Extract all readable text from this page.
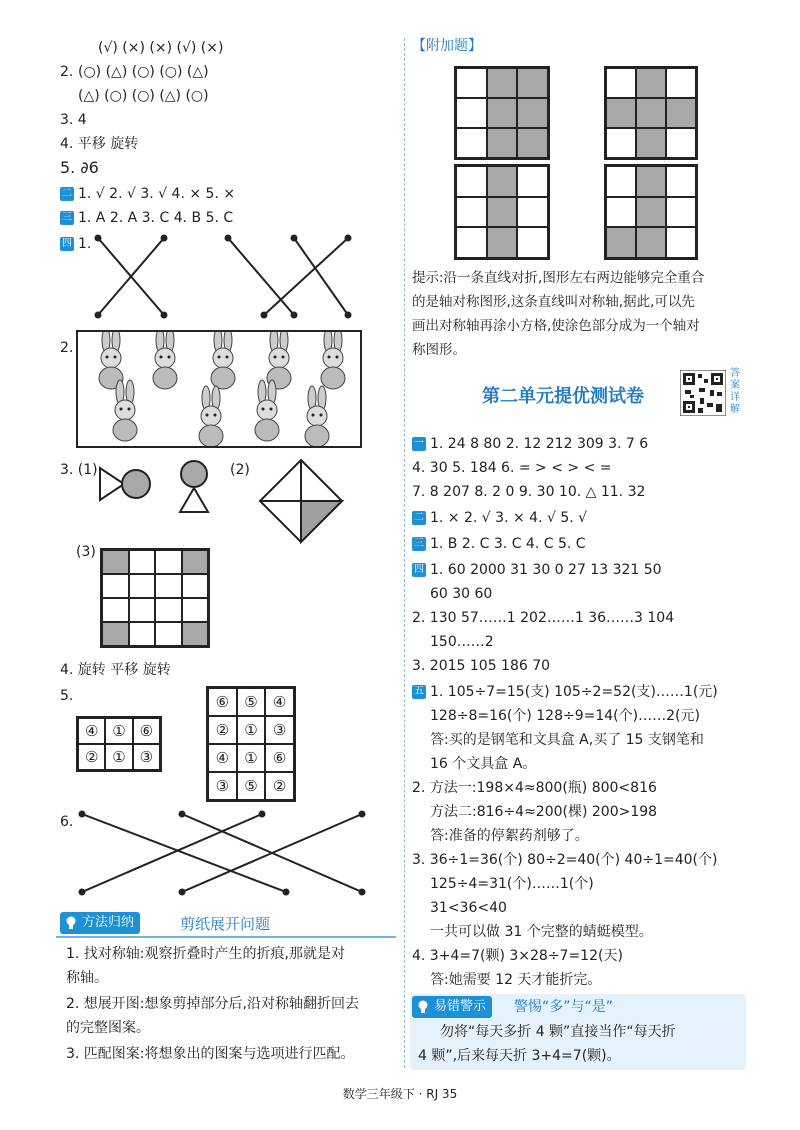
(√) (×) (×) (√) (×)
2. (○) (△) (○) (○) (△)
(△) (○) (○) (△) (○)
3. 4
4. 平移 旋转
5. ∂6
二 1. √ 2. √ 3. √ 4. × 5. ×
三 1. A 2. A 3. C 4. B 5. C
四 1.
2.
3. (1)	(2)
(3)
4. 旋转 平移 旋转
5.
④ ① ⑥
② ① ③
⑥	⑤	④
②	①	③
④	①	⑥
③	⑤	②
6.
方法归纳	剪纸展开问题
1. 找对称轴:观察折叠时产生的折痕,那就是对
称轴。
2. 想展开图:想象剪掉部分后,沿对称轴翻折回去
的完整图案。
3. 匹配图案:将想象出的图案与选项进行匹配。
【附加题】
提示:沿一条直线对折,图形左右两边能够完全重合
的是轴对称图形,这条直线叫对称轴,据此,可以先
画出对称轴再涂小方格,使涂色部分成为一个轴对
称图形。
第二单元提优测试卷
答案详解
一 1. 24 8 80 2. 12 212 309 3. 7 6
4. 30 5. 184 6. = > < > < =
7. 8 207 8. 2 0 9. 30 10. △ 11. 32
二 1. × 2. √ 3. × 4. √ 5. √
三 1. B 2. C 3. C 4. C 5. C
四 1. 60 2000 31 30 0 27 13 321 50
60 30 60
2. 130 57……1 202……1 36……3 104
150……2
3. 2015 105 186 70
五 1. 105÷7=15(支) 105÷2=52(支)……1(元)
128÷8=16(个) 128÷9=14(个)……2(元)
答:买的是钢笔和文具盒 A,买了 15 支钢笔和
16 个文具盒 A。
2. 方法一:198×4≈800(瓶) 800<816
方法二:816÷4≈200(棵) 200>198
答:准备的停絮药剂够了。
3. 36÷1=36(个) 80÷2=40(个) 40÷1=40(个)
125÷4=31(个)……1(个)
31<36<40
一共可以做 31 个完整的蜻蜓模型。
4. 3+4=7(颗) 3×28÷7=12(天)
答:她需要 12 天才能折完。
易错警示	警惕“多”与“是”
勿将“每天多折 4 颗”直接当作“每天折
4 颗”,后来每天折 3+4=7(颗)。
数学三年级下 · RJ 35
